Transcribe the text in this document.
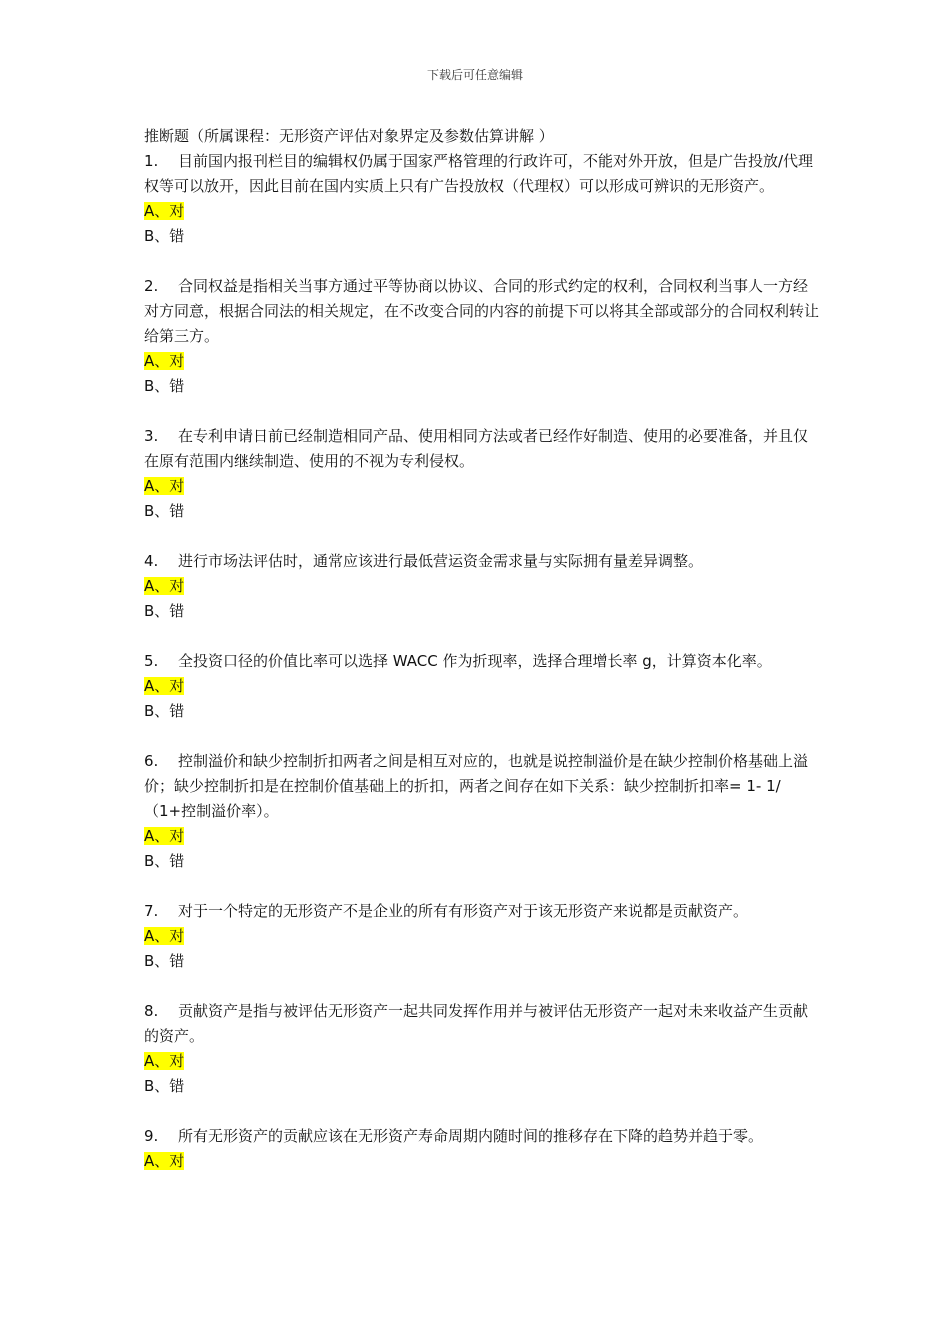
下载后可任意编辑

推断题（所属课程：无形资产评估对象界定及参数估算讲解 ）

1. 目前国内报刊栏目的编辑权仍属于国家严格管理的行政许可，不能对外开放，但是广告投放/代理权等可以放开，因此目前在国内实质上只有广告投放权（代理权）可以形成可辨识的无形资产。

A、对

B、错

2. 合同权益是指相关当事方通过平等协商以协议、合同的形式约定的权利，合同权利当事人一方经对方同意，根据合同法的相关规定，在不改变合同的内容的前提下可以将其全部或部分的合同权利转让给第三方。

A、对

B、错

3. 在专利申请日前已经制造相同产品、使用相同方法或者已经作好制造、使用的必要准备，并且仅在原有范围内继续制造、使用的不视为专利侵权。

A、对

B、错

4. 进行市场法评估时，通常应该进行最低营运资金需求量与实际拥有量差异调整。

A、对

B、错

5. 全投资口径的价值比率可以选择 WACC 作为折现率，选择合理增长率 g，计算资本化率。

A、对

B、错

6. 控制溢价和缺少控制折扣两者之间是相互对应的，也就是说控制溢价是在缺少控制价格基础上溢价；缺少控制折扣是在控制价值基础上的折扣，两者之间存在如下关系：缺少控制折扣率= 1- 1/（1+控制溢价率）。

A、对

B、错

7. 对于一个特定的无形资产不是企业的所有有形资产对于该无形资产来说都是贡献资产。

A、对

B、错

8. 贡献资产是指与被评估无形资产一起共同发挥作用并与被评估无形资产一起对未来收益产生贡献的资产。

A、对

B、错

9. 所有无形资产的贡献应该在无形资产寿命周期内随时间的推移存在下降的趋势并趋于零。

A、对
